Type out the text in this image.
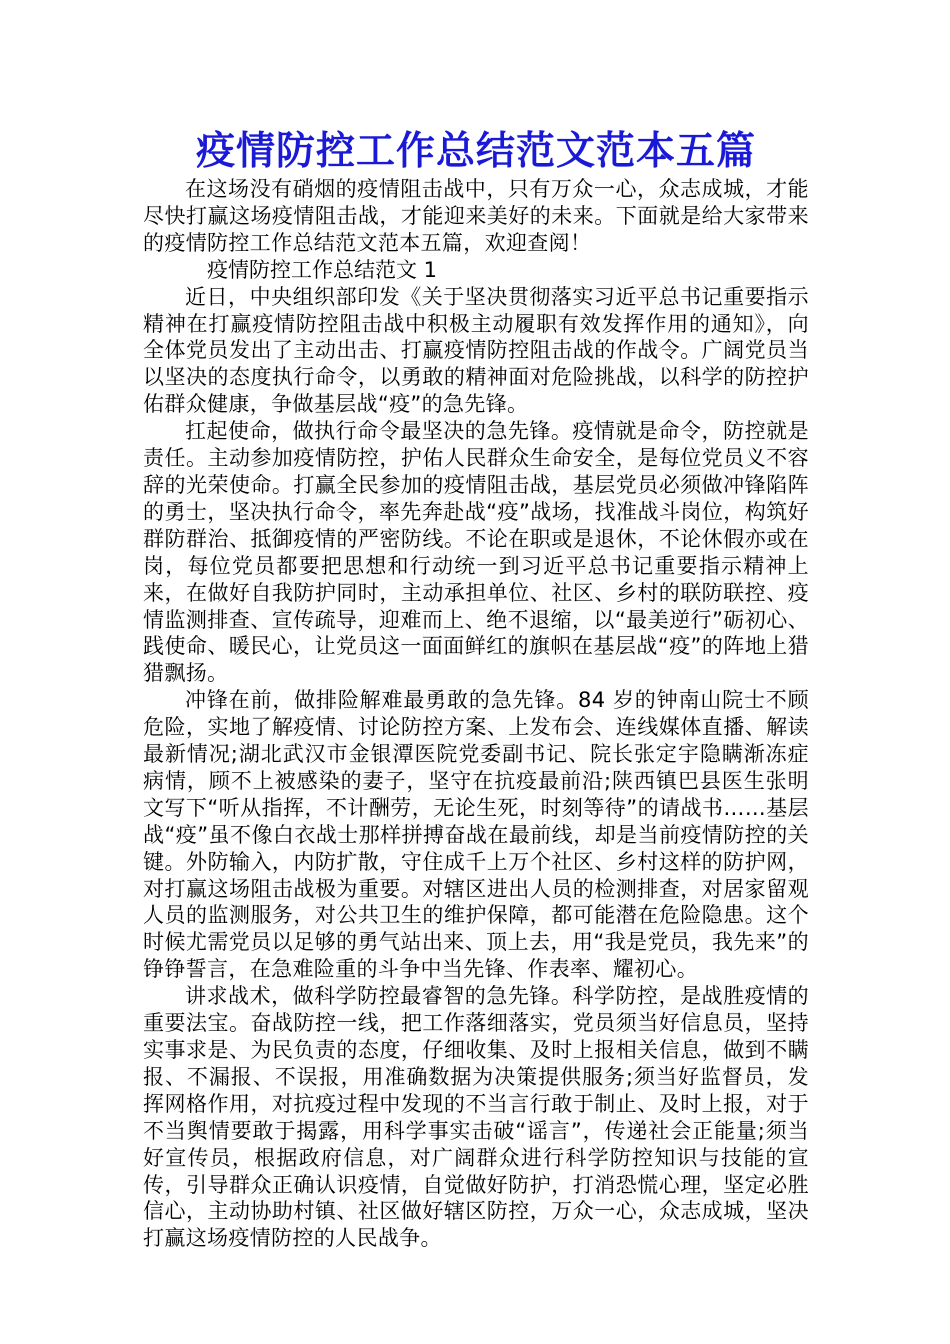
疫情防控工作总结范文范本五篇

在这场没有硝烟的疫情阻击战中，只有万众一心，众志成城，才能尽快打赢这场疫情阻击战，才能迎来美好的未来。下面就是给大家带来的疫情防控工作总结范文范本五篇，欢迎查阅！

疫情防控工作总结范文 1

近日，中央组织部印发《关于坚决贯彻落实习近平总书记重要指示精神在打赢疫情防控阻击战中积极主动履职有效发挥作用的通知》，向全体党员发出了主动出击、打赢疫情防控阻击战的作战令。广阔党员当以坚决的态度执行命令，以勇敢的精神面对危险挑战，以科学的防控护佑群众健康，争做基层战“疫”的急先锋。

扛起使命，做执行命令最坚决的急先锋。疫情就是命令，防控就是责任。主动参加疫情防控，护佑人民群众生命安全，是每位党员义不容辞的光荣使命。打赢全民参加的疫情阻击战，基层党员必须做冲锋陷阵的勇士，坚决执行命令，率先奔赴战“疫”战场，找准战斗岗位，构筑好群防群治、抵御疫情的严密防线。不论在职或是退休，不论休假亦或在岗，每位党员都要把思想和行动统一到习近平总书记重要指示精神上来，在做好自我防护同时，主动承担单位、社区、乡村的联防联控、疫情监测排查、宣传疏导，迎难而上、绝不退缩，以“最美逆行”砺初心、践使命、暖民心，让党员这一面面鲜红的旗帜在基层战“疫”的阵地上猎猎飘扬。

冲锋在前，做排险解难最勇敢的急先锋。84 岁的钟南山院士不顾危险，实地了解疫情、讨论防控方案、上发布会、连线媒体直播、解读最新情况;湖北武汉市金银潭医院党委副书记、院长张定宇隐瞒渐冻症病情，顾不上被感染的妻子，坚守在抗疫最前沿;陕西镇巴县医生张明文写下“听从指挥，不计酬劳，无论生死，时刻等待”的请战书……基层战“疫”虽不像白衣战士那样拼搏奋战在最前线，却是当前疫情防控的关键。外防输入，内防扩散，守住成千上万个社区、乡村这样的防护网，对打赢这场阻击战极为重要。对辖区进出人员的检测排查，对居家留观人员的监测服务，对公共卫生的维护保障，都可能潜在危险隐患。这个时候尤需党员以足够的勇气站出来、顶上去，用“我是党员，我先来”的铮铮誓言，在急难险重的斗争中当先锋、作表率、耀初心。

讲求战术，做科学防控最睿智的急先锋。科学防控，是战胜疫情的重要法宝。奋战防控一线，把工作落细落实，党员须当好信息员，坚持实事求是、为民负责的态度，仔细收集、及时上报相关信息，做到不瞒报、不漏报、不误报，用准确数据为决策提供服务;须当好监督员，发挥网格作用，对抗疫过程中发现的不当言行敢于制止、及时上报，对于不当舆情要敢于揭露，用科学事实击破“谣言”，传递社会正能量;须当好宣传员，根据政府信息，对广阔群众进行科学防控知识与技能的宣传，引导群众正确认识疫情，自觉做好防护，打消恐慌心理，坚定必胜信心，主动协助村镇、社区做好辖区防控，万众一心，众志成城，坚决打赢这场疫情防控的人民战争。
